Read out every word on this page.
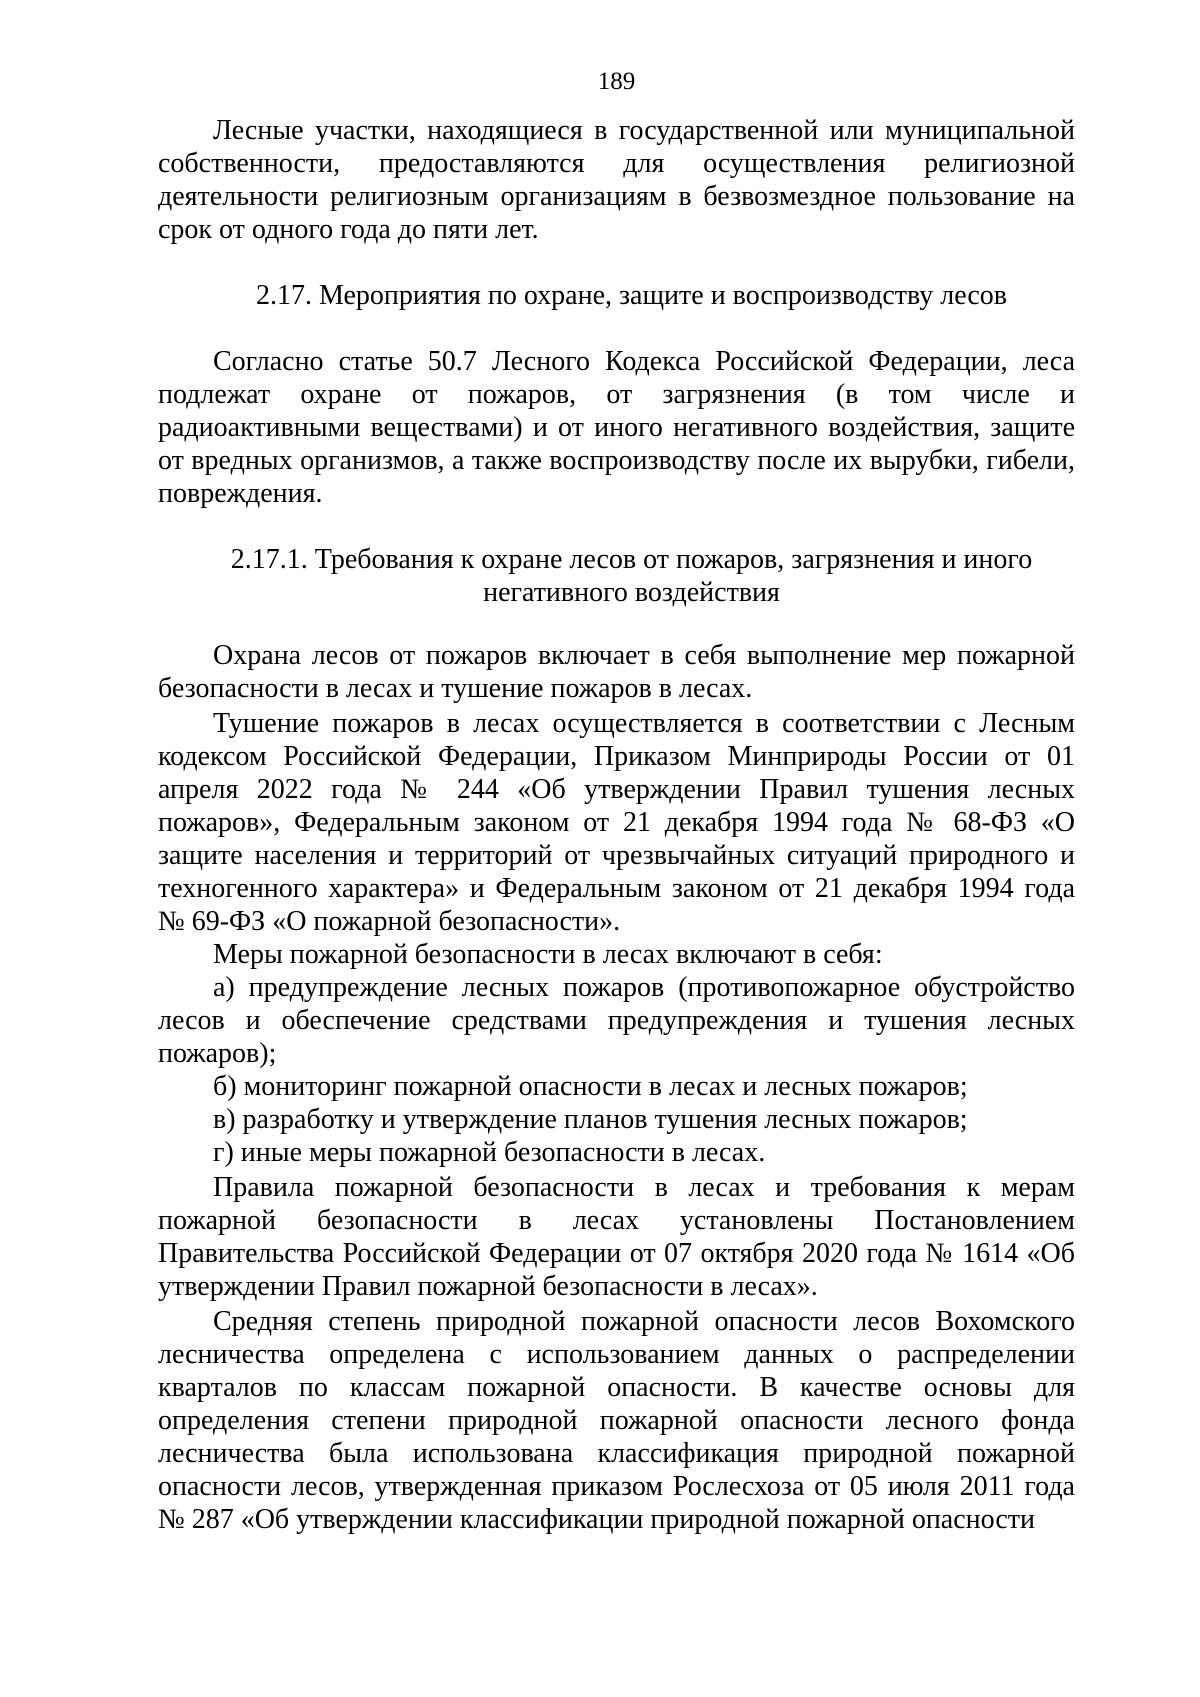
189

Лесные участки, находящиеся в государственной или муниципальной собственности, предоставляются для осуществления религиозной деятельности религиозным организациям в безвозмездное пользование на срок от одного года до пяти лет.

2.17. Мероприятия по охране, защите и воспроизводству лесов

Согласно статье 50.7 Лесного Кодекса Российской Федерации, леса подлежат охране от пожаров, от загрязнения (в том числе и радиоактивными веществами) и от иного негативного воздействия, защите от вредных организмов, а также воспроизводству после их вырубки, гибели, повреждения.

2.17.1. Требования к охране лесов от пожаров, загрязнения и иного
негативного воздействия

Охрана лесов от пожаров включает в себя выполнение мер пожарной безопасности в лесах и тушение пожаров в лесах.

Тушение пожаров в лесах осуществляется в соответствии с Лесным кодексом Российской Федерации, Приказом Минприроды России от 01 апреля 2022 года № 244 «Об утверждении Правил тушения лесных пожаров», Федеральным законом от 21 декабря 1994 года № 68-ФЗ «О защите населения и территорий от чрезвычайных ситуаций природного и техногенного характера» и Федеральным законом от 21 декабря 1994 года № 69-ФЗ «О пожарной безопасности».

Меры пожарной безопасности в лесах включают в себя:

а) предупреждение лесных пожаров (противопожарное обустройство лесов и обеспечение средствами предупреждения и тушения лесных пожаров);

б) мониторинг пожарной опасности в лесах и лесных пожаров;

в) разработку и утверждение планов тушения лесных пожаров;

г) иные меры пожарной безопасности в лесах.

Правила пожарной безопасности в лесах и требования к мерам пожарной безопасности в лесах установлены Постановлением Правительства Российской Федерации от 07 октября 2020 года № 1614 «Об утверждении Правил пожарной безопасности в лесах».

Средняя степень природной пожарной опасности лесов Вохомского лесничества определена с использованием данных о распределении кварталов по классам пожарной опасности. В качестве основы для определения степени природной пожарной опасности лесного фонда лесничества была использована классификация природной пожарной опасности лесов, утвержденная приказом Рослесхоза от 05 июля 2011 года № 287 «Об утверждении классификации природной пожарной опасности
